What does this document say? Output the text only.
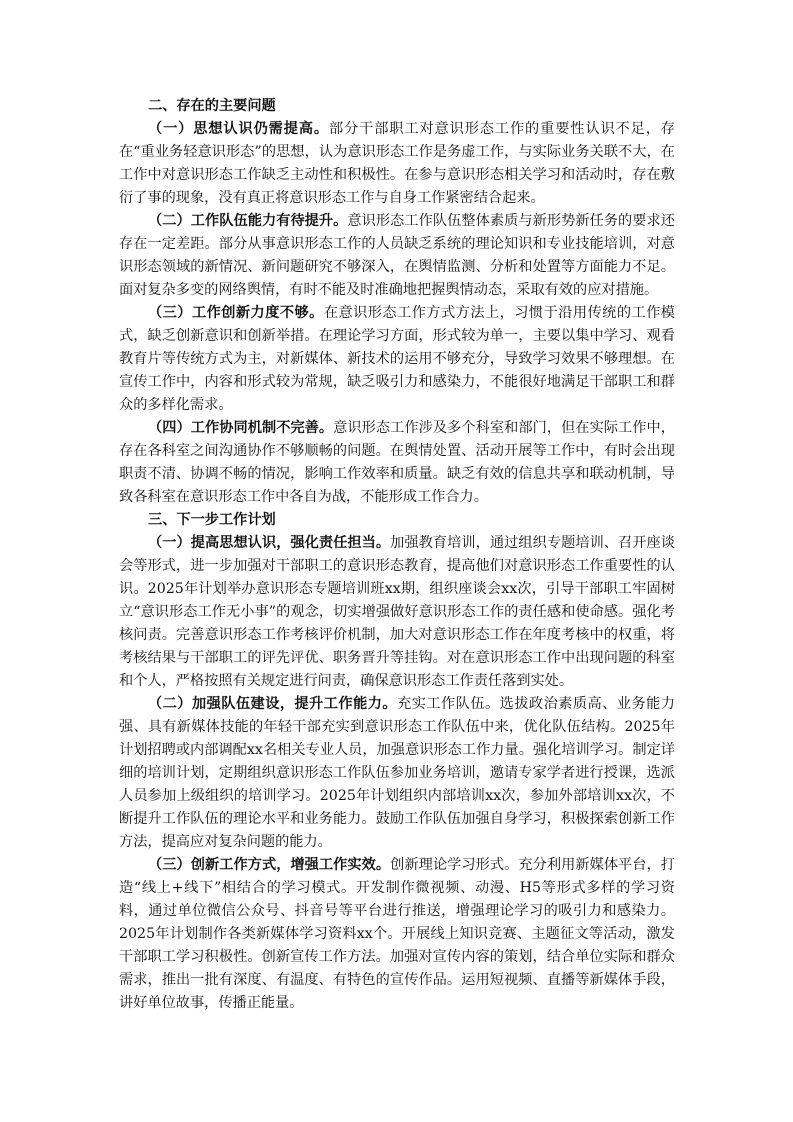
二、存在的主要问题

（一）思想认识仍需提高。部分干部职工对意识形态工作的重要性认识不足，存在“重业务轻意识形态”的思想，认为意识形态工作是务虚工作，与实际业务关联不大，在工作中对意识形态工作缺乏主动性和积极性。在参与意识形态相关学习和活动时，存在敷衍了事的现象，没有真正将意识形态工作与自身工作紧密结合起来。

（二）工作队伍能力有待提升。意识形态工作队伍整体素质与新形势新任务的要求还存在一定差距。部分从事意识形态工作的人员缺乏系统的理论知识和专业技能培训，对意识形态领域的新情况、新问题研究不够深入，在舆情监测、分析和处置等方面能力不足。面对复杂多变的网络舆情，有时不能及时准确地把握舆情动态，采取有效的应对措施。

（三）工作创新力度不够。在意识形态工作方式方法上，习惯于沿用传统的工作模式，缺乏创新意识和创新举措。在理论学习方面，形式较为单一，主要以集中学习、观看教育片等传统方式为主，对新媒体、新技术的运用不够充分，导致学习效果不够理想。在宣传工作中，内容和形式较为常规，缺乏吸引力和感染力，不能很好地满足干部职工和群众的多样化需求。

（四）工作协同机制不完善。意识形态工作涉及多个科室和部门，但在实际工作中，存在各科室之间沟通协作不够顺畅的问题。在舆情处置、活动开展等工作中，有时会出现职责不清、协调不畅的情况，影响工作效率和质量。缺乏有效的信息共享和联动机制，导致各科室在意识形态工作中各自为战，不能形成工作合力。

三、下一步工作计划

（一）提高思想认识，强化责任担当。加强教育培训，通过组织专题培训、召开座谈会等形式，进一步加强对干部职工的意识形态教育，提高他们对意识形态工作重要性的认识。2025年计划举办意识形态专题培训班xx期，组织座谈会xx次，引导干部职工牢固树立“意识形态工作无小事”的观念，切实增强做好意识形态工作的责任感和使命感。强化考核问责。完善意识形态工作考核评价机制，加大对意识形态工作在年度考核中的权重，将考核结果与干部职工的评先评优、职务晋升等挂钩。对在意识形态工作中出现问题的科室和个人，严格按照有关规定进行问责，确保意识形态工作责任落到实处。

（二）加强队伍建设，提升工作能力。充实工作队伍。选拔政治素质高、业务能力强、具有新媒体技能的年轻干部充实到意识形态工作队伍中来，优化队伍结构。2025年计划招聘或内部调配xx名相关专业人员，加强意识形态工作力量。强化培训学习。制定详细的培训计划，定期组织意识形态工作队伍参加业务培训，邀请专家学者进行授课，选派人员参加上级组织的培训学习。2025年计划组织内部培训xx次，参加外部培训xx次，不断提升工作队伍的理论水平和业务能力。鼓励工作队伍加强自身学习，积极探索创新工作方法，提高应对复杂问题的能力。

（三）创新工作方式，增强工作实效。创新理论学习形式。充分利用新媒体平台，打造“线上+线下”相结合的学习模式。开发制作微视频、动漫、H5等形式多样的学习资料，通过单位微信公众号、抖音号等平台进行推送，增强理论学习的吸引力和感染力。2025年计划制作各类新媒体学习资料xx个。开展线上知识竞赛、主题征文等活动，激发干部职工学习积极性。创新宣传工作方法。加强对宣传内容的策划，结合单位实际和群众需求，推出一批有深度、有温度、有特色的宣传作品。运用短视频、直播等新媒体手段，讲好单位故事，传播正能量。
